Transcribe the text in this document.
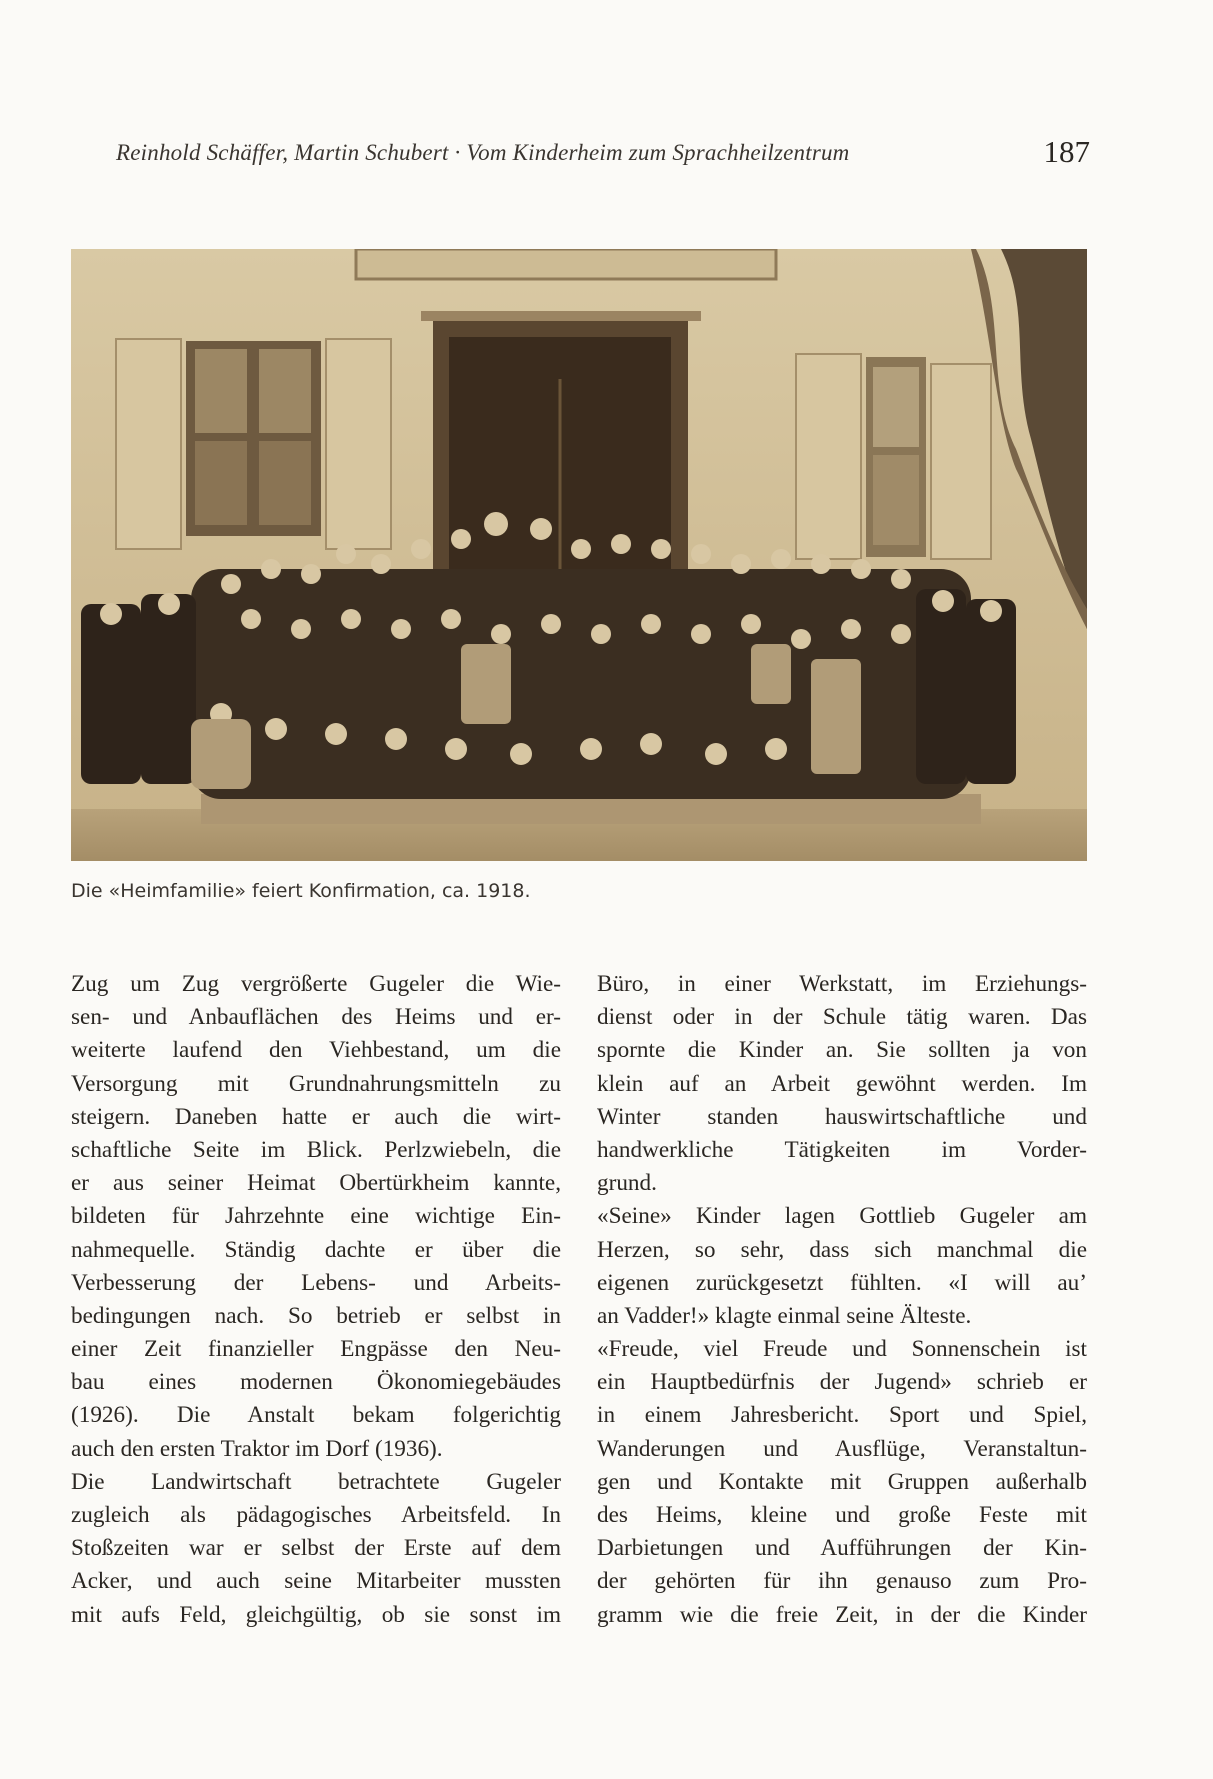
Reinhold Schäffer, Martin Schubert · Vom Kinderheim zum Sprachheilzentrum	187
Die «Heimfamilie» feiert Konfirmation, ca. 1918.
Zug um Zug vergrößerte Gugeler die Wie-
sen- und Anbauflächen des Heims und er-
weiterte laufend den Viehbestand, um die
Versorgung mit Grundnahrungsmitteln zu
steigern. Daneben hatte er auch die wirt-
schaftliche Seite im Blick. Perlzwiebeln, die
er aus seiner Heimat Obertürkheim kannte,
bildeten für Jahrzehnte eine wichtige Ein-
nahmequelle. Ständig dachte er über die
Verbesserung der Lebens- und Arbeits-
bedingungen nach. So betrieb er selbst in
einer Zeit finanzieller Engpässe den Neu-
bau eines modernen Ökonomiegebäudes
(1926). Die Anstalt bekam folgerichtig
auch den ersten Traktor im Dorf (1936).
Die Landwirtschaft betrachtete Gugeler
zugleich als pädagogisches Arbeitsfeld. In
Stoßzeiten war er selbst der Erste auf dem
Acker, und auch seine Mitarbeiter mussten
mit aufs Feld, gleichgültig, ob sie sonst im
Büro, in einer Werkstatt, im Erziehungs-
dienst oder in der Schule tätig waren. Das
spornte die Kinder an. Sie sollten ja von
klein auf an Arbeit gewöhnt werden. Im
Winter standen hauswirtschaftliche und
handwerkliche Tätigkeiten im Vorder-
grund.
«Seine» Kinder lagen Gottlieb Gugeler am
Herzen, so sehr, dass sich manchmal die
eigenen zurückgesetzt fühlten. «I will au’
an Vadder!» klagte einmal seine Älteste.
«Freude, viel Freude und Sonnenschein ist
ein Hauptbedürfnis der Jugend» schrieb er
in einem Jahresbericht. Sport und Spiel,
Wanderungen und Ausflüge, Veranstaltun-
gen und Kontakte mit Gruppen außerhalb
des Heims, kleine und große Feste mit
Darbietungen und Aufführungen der Kin-
der gehörten für ihn genauso zum Pro-
gramm wie die freie Zeit, in der die Kinder
